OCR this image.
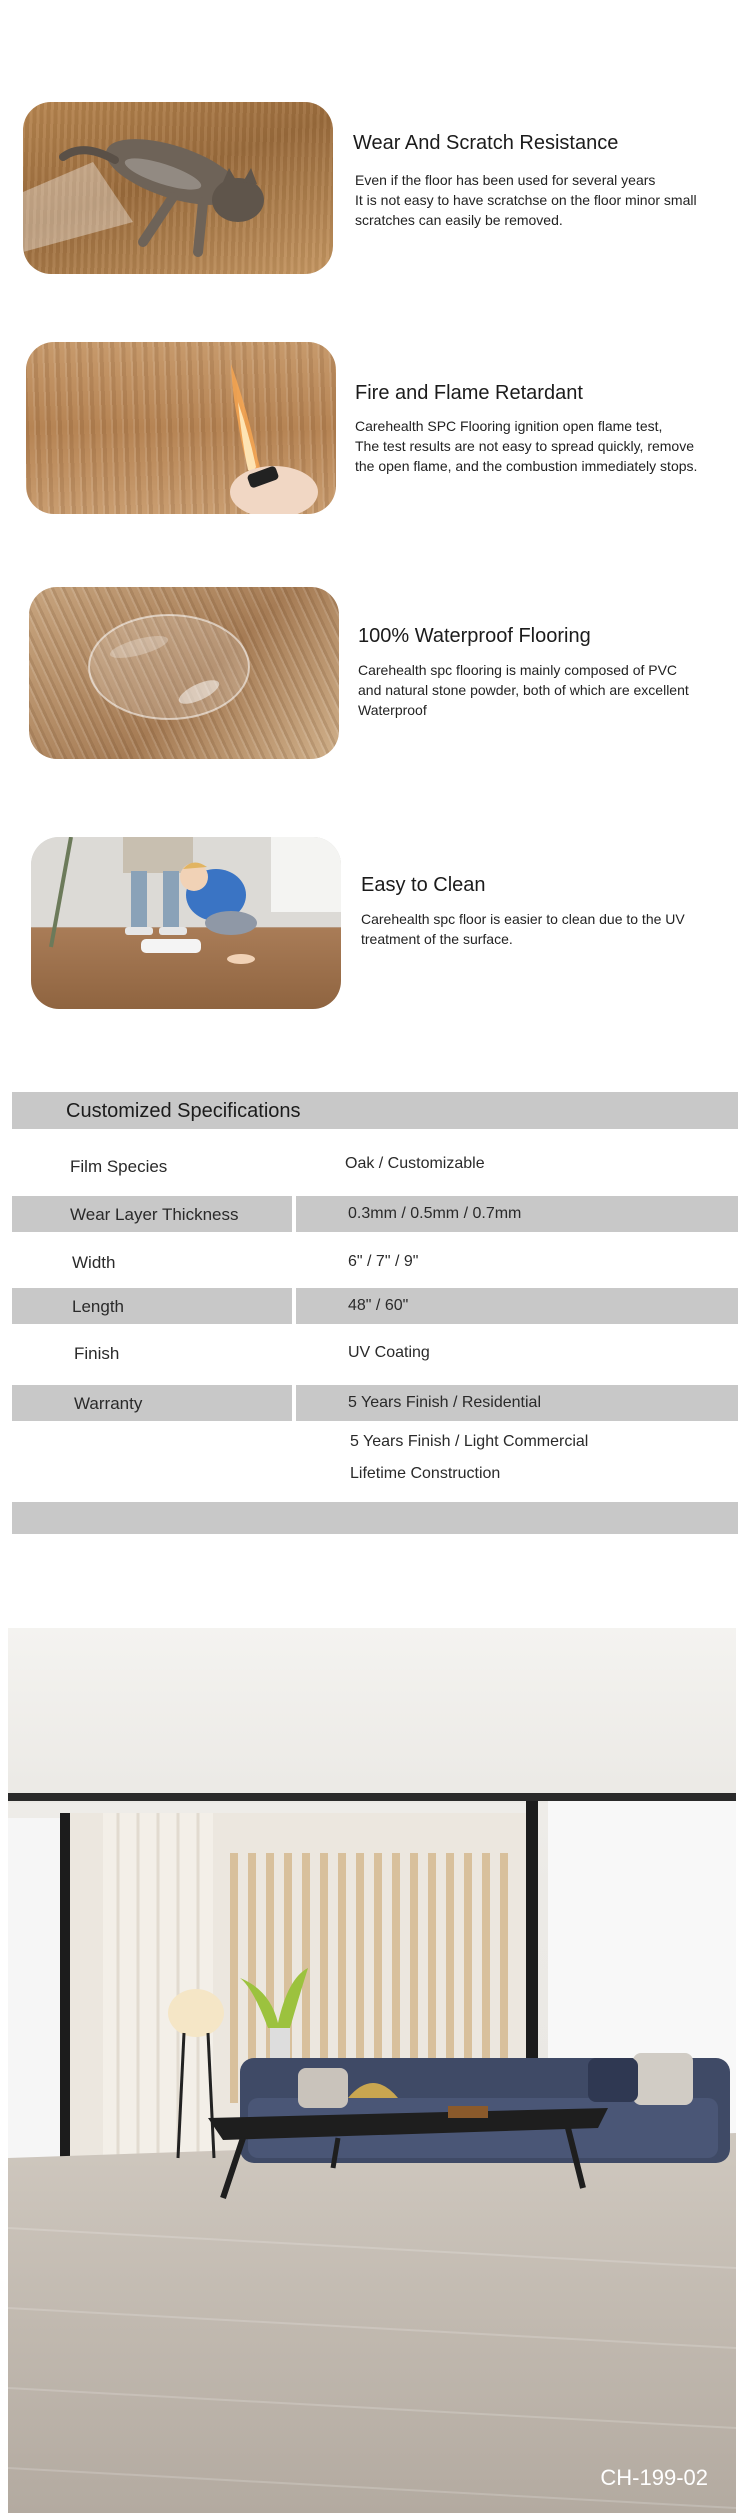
Wear And Scratch Resistance
Even if the floor has been used for several years
It is not easy to have scratchse on the floor minor small
scratches can easily be removed.
Fire and Flame Retardant
Carehealth SPC Flooring ignition open flame test,
The test results are not easy to spread quickly, remove
the open flame, and the combustion immediately stops.
100% Waterproof Flooring
Carehealth spc flooring is mainly composed of PVC
and natural stone powder, both of which are excellent
Waterproof
Easy to Clean
Carehealth spc floor is easier to clean due to the UV
treatment of the surface.
Customized Specifications
Film Species	Oak / Customizable
Wear Layer Thickness	0.3mm / 0.5mm / 0.7mm
Width	6" / 7" / 9"
Length	48" / 60"
Finish	UV Coating
Warranty	5 Years Finish / Residential
5 Years Finish / Light Commercial
Lifetime Construction
CH-199-02
